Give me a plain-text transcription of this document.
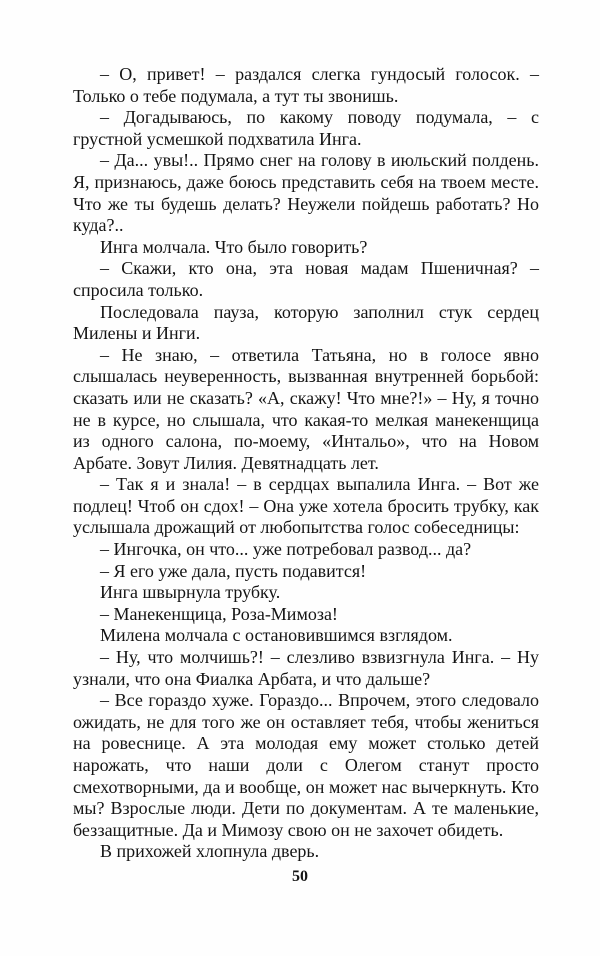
– О, привет! – раздался слегка гундосый голосок. – Только о тебе подумала, а тут ты звонишь.

– Догадываюсь, по какому поводу подумала, – с грустной усмешкой подхватила Инга.

– Да... увы!.. Прямо снег на голову в июльский полдень. Я, признаюсь, даже боюсь представить себя на твоем месте. Что же ты будешь делать? Неужели пойдешь работать? Но куда?..

Инга молчала. Что было говорить?

– Скажи, кто она, эта новая мадам Пшеничная? – спросила только.

Последовала пауза, которую заполнил стук сердец Милены и Инги.

– Не знаю, – ответила Татьяна, но в голосе явно слышалась неуверенность, вызванная внутренней борьбой: сказать или не сказать? «А, скажу! Что мне?!» – Ну, я точно не в курсе, но слышала, что какая-то мелкая манекенщица из одного салона, по-моему, «Интальо», что на Новом Арбате. Зовут Лилия. Девятнадцать лет.

– Так я и знала! – в сердцах выпалила Инга. – Вот же подлец! Чтоб он сдох! – Она уже хотела бросить трубку, как услышала дрожащий от любопытства голос собеседницы:

– Ингочка, он что... уже потребовал развод... да?

– Я его уже дала, пусть подавится!

Инга швырнула трубку.

– Манекенщица, Роза-Мимоза!

Милена молчала с остановившимся взглядом.

– Ну, что молчишь?! – слезливо взвизгнула Инга. – Ну узнали, что она Фиалка Арбата, и что дальше?

– Все гораздо хуже. Гораздо... Впрочем, этого следовало ожидать, не для того же он оставляет тебя, чтобы жениться на ровеснице. А эта молодая ему может столько детей нарожать, что наши доли с Олегом станут просто смехотворными, да и вообще, он может нас вычеркнуть. Кто мы? Взрослые люди. Дети по документам. А те маленькие, беззащитные. Да и Мимозу свою он не захочет обидеть.

В прихожей хлопнула дверь.

50
